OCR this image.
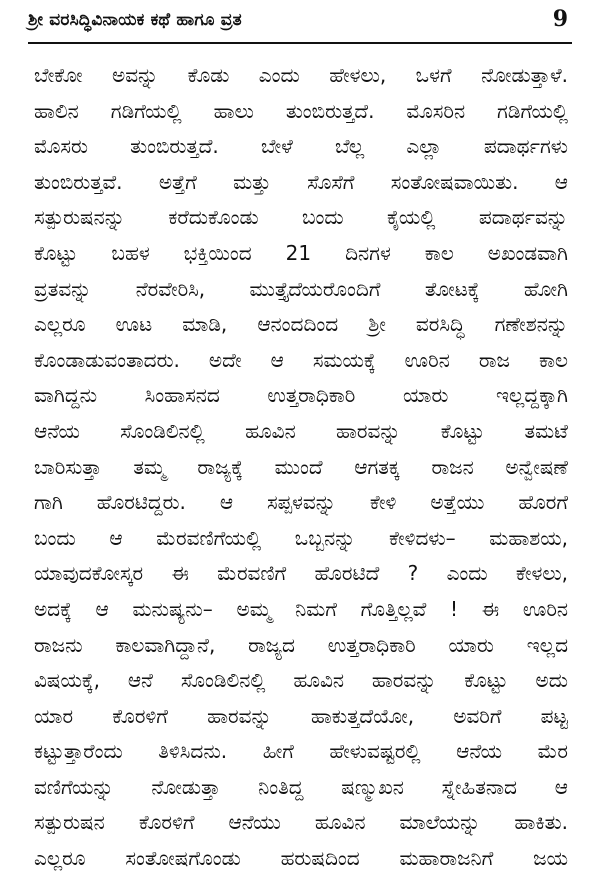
ಶ್ರೀ ವರಸಿದ್ಧಿವಿನಾಯಕ ಕಥೆ ಹಾಗೂ ವ್ರತ	9
ಬೇಕೋ ಅವನ್ನು ಕೊಡು ಎಂದು ಹೇಳಲು, ಒಳಗೆ ನೋಡುತ್ತಾಳೆ.
ಹಾಲಿನ ಗಡಿಗೆಯಲ್ಲಿ ಹಾಲು ತುಂಬಿರುತ್ತದೆ. ಮೊಸರಿನ ಗಡಿಗೆಯಲ್ಲಿ
ಮೊಸರು ತುಂಬಿರುತ್ತದೆ. ಬೇಳೆ ಬೆಲ್ಲ ಎಲ್ಲಾ ಪದಾರ್ಥಗಳು
ತುಂಬಿರುತ್ತವೆ. ಅತ್ತೆಗೆ ಮತ್ತು ಸೊಸೆಗೆ ಸಂತೋಷವಾಯಿತು. ಆ
ಸತ್ಪುರುಷನನ್ನು ಕರೆದುಕೊಂಡು ಬಂದು ಕೈಯಲ್ಲಿ ಪದಾರ್ಥವನ್ನು
ಕೊಟ್ಟು ಬಹಳ ಭಕ್ತಿಯಿಂದ 21 ದಿನಗಳ ಕಾಲ ಅಖಂಡವಾಗಿ
ವ್ರತವನ್ನು ನೆರವೇರಿಸಿ, ಮುತ್ತೈದೆಯರೊಂದಿಗೆ ತೋಟಕ್ಕೆ ಹೋಗಿ
ಎಲ್ಲರೂ ಊಟ ಮಾಡಿ, ಆನಂದದಿಂದ ಶ್ರೀ ವರಸಿದ್ಧಿ ಗಣೇಶನನ್ನು
ಕೊಂಡಾಡುವಂತಾದರು. ಅದೇ ಆ ಸಮಯಕ್ಕೆ ಊರಿನ ರಾಜ ಕಾಲ
ವಾಗಿದ್ದನು ಸಿಂಹಾಸನದ ಉತ್ತರಾಧಿಕಾರಿ ಯಾರು ಇಲ್ಲದ್ದಕ್ಕಾಗಿ
ಆನೆಯ ಸೊಂಡಿಲಿನಲ್ಲಿ ಹೂವಿನ ಹಾರವನ್ನು ಕೊಟ್ಟು ತಮಟೆ
ಬಾರಿಸುತ್ತಾ ತಮ್ಮ ರಾಜ್ಯಕ್ಕೆ ಮುಂದೆ ಆಗತಕ್ಕ ರಾಜನ ಅನ್ವೇಷಣೆ
ಗಾಗಿ ಹೊರಟಿದ್ದರು. ಆ ಸಪ್ಪಳವನ್ನು ಕೇಳಿ ಅತ್ತೆಯು ಹೊರಗೆ
ಬಂದು ಆ ಮೆರವಣಿಗೆಯಲ್ಲಿ ಒಬ್ಬನನ್ನು ಕೇಳಿದಳು– ಮಹಾಶಯ,
ಯಾವುದಕೋಸ್ಕರ ಈ ಮೆರವಣಿಗೆ ಹೊರಟಿದೆ ? ಎಂದು ಕೇಳಲು,
ಅದಕ್ಕೆ ಆ ಮನುಷ್ಯನು– ಅಮ್ಮ ನಿಮಗೆ ಗೊತ್ತಿಲ್ಲವೆ ! ಈ ಊರಿನ
ರಾಜನು ಕಾಲವಾಗಿದ್ದಾನೆ, ರಾಜ್ಯದ ಉತ್ತರಾಧಿಕಾರಿ ಯಾರು ಇಲ್ಲದ
ವಿಷಯಕ್ಕೆ, ಆನೆ ಸೊಂಡಿಲಿನಲ್ಲಿ ಹೂವಿನ ಹಾರವನ್ನು ಕೊಟ್ಟು ಅದು
ಯಾರ ಕೊರಳಿಗೆ ಹಾರವನ್ನು ಹಾಕುತ್ತದೆಯೋ, ಅವರಿಗೆ ಪಟ್ಟ
ಕಟ್ಟುತ್ತಾರೆಂದು ತಿಳಿಸಿದನು. ಹೀಗೆ ಹೇಳುವಷ್ಟರಲ್ಲಿ ಆನೆಯ ಮೆರ
ವಣಿಗೆಯನ್ನು ನೋಡುತ್ತಾ ನಿಂತಿದ್ದ ಷಣ್ಮುಖನ ಸ್ನೇಹಿತನಾದ ಆ
ಸತ್ಪುರುಷನ ಕೊರಳಿಗೆ ಆನೆಯು ಹೂವಿನ ಮಾಲೆಯನ್ನು ಹಾಕಿತು.
ಎಲ್ಲರೂ ಸಂತೋಷಗೊಂಡು ಹರುಷದಿಂದ ಮಹಾರಾಜನಿಗೆ ಜಯ
